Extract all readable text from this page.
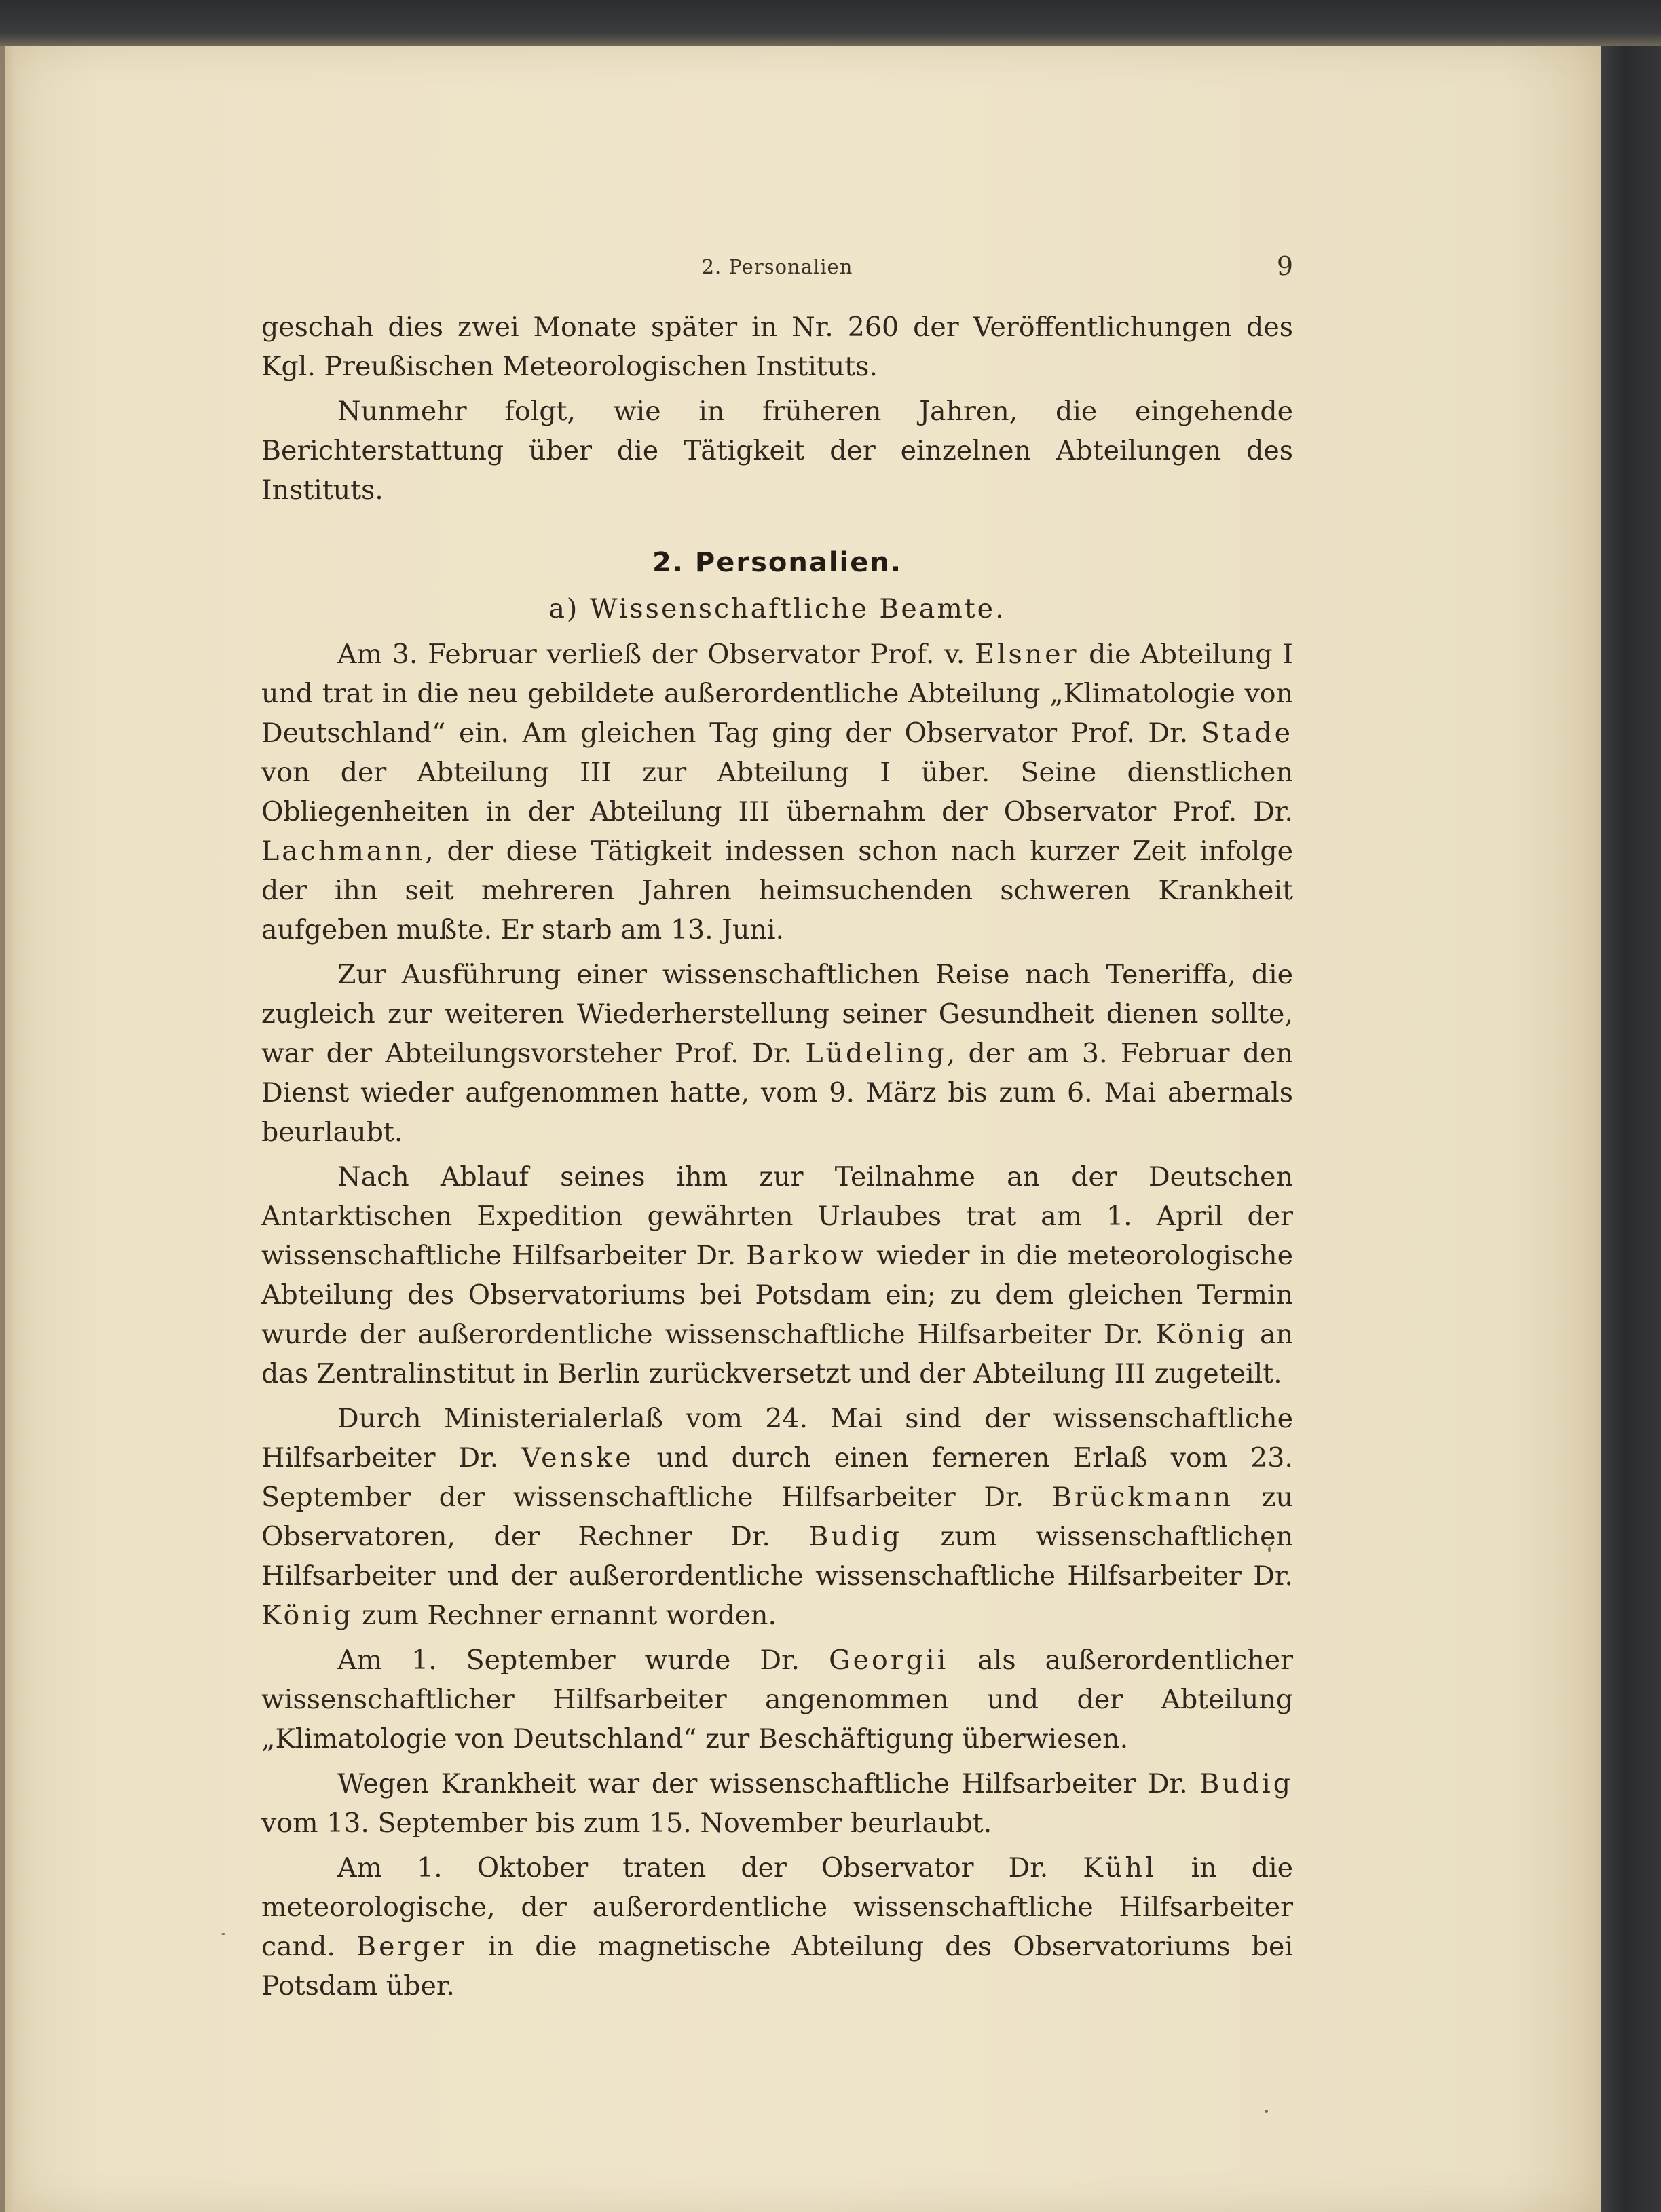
2. Personalien	9

geschah dies zwei Monate später in Nr. 260 der Veröffentlichungen des Kgl. Preußischen Meteorologischen Instituts.

Nunmehr folgt, wie in früheren Jahren, die eingehende Berichterstattung über die Tätigkeit der einzelnen Abteilungen des Instituts.

2. Personalien.
a) Wissenschaftliche Beamte.

Am 3. Februar verließ der Observator Prof. v. Elsner die Abteilung I und trat in die neu gebildete außerordentliche Abteilung „Klimatologie von Deutschland“ ein. Am gleichen Tag ging der Observator Prof. Dr. Stade von der Abteilung III zur Abteilung I über. Seine dienstlichen Obliegenheiten in der Abteilung III übernahm der Observator Prof. Dr. Lachmann, der diese Tätigkeit indessen schon nach kurzer Zeit infolge der ihn seit mehreren Jahren heimsuchenden schweren Krankheit aufgeben mußte. Er starb am 13. Juni.

Zur Ausführung einer wissenschaftlichen Reise nach Teneriffa, die zugleich zur weiteren Wiederherstellung seiner Gesundheit dienen sollte, war der Abteilungsvorsteher Prof. Dr. Lüdeling, der am 3. Februar den Dienst wieder aufgenommen hatte, vom 9. März bis zum 6. Mai abermals beurlaubt.

Nach Ablauf seines ihm zur Teilnahme an der Deutschen Antarktischen Expedition gewährten Urlaubes trat am 1. April der wissenschaftliche Hilfsarbeiter Dr. Barkow wieder in die meteorologische Abteilung des Observatoriums bei Potsdam ein; zu dem gleichen Termin wurde der außerordentliche wissenschaftliche Hilfsarbeiter Dr. König an das Zentralinstitut in Berlin zurückversetzt und der Abteilung III zugeteilt.

Durch Ministerialerlaß vom 24. Mai sind der wissenschaftliche Hilfsarbeiter Dr. Venske und durch einen ferneren Erlaß vom 23. September der wissenschaftliche Hilfsarbeiter Dr. Brückmann zu Observatoren, der Rechner Dr. Budig zum wissenschaftlichen Hilfsarbeiter und der außerordentliche wissenschaftliche Hilfsarbeiter Dr. König zum Rechner ernannt worden.

Am 1. September wurde Dr. Georgii als außerordentlicher wissenschaftlicher Hilfsarbeiter angenommen und der Abteilung „Klimatologie von Deutschland“ zur Beschäftigung überwiesen.

Wegen Krankheit war der wissenschaftliche Hilfsarbeiter Dr. Budig vom 13. September bis zum 15. November beurlaubt.

Am 1. Oktober traten der Observator Dr. Kühl in die meteorologische, der außerordentliche wissenschaftliche Hilfsarbeiter cand. Berger in die magnetische Abteilung des Observatoriums bei Potsdam über.
